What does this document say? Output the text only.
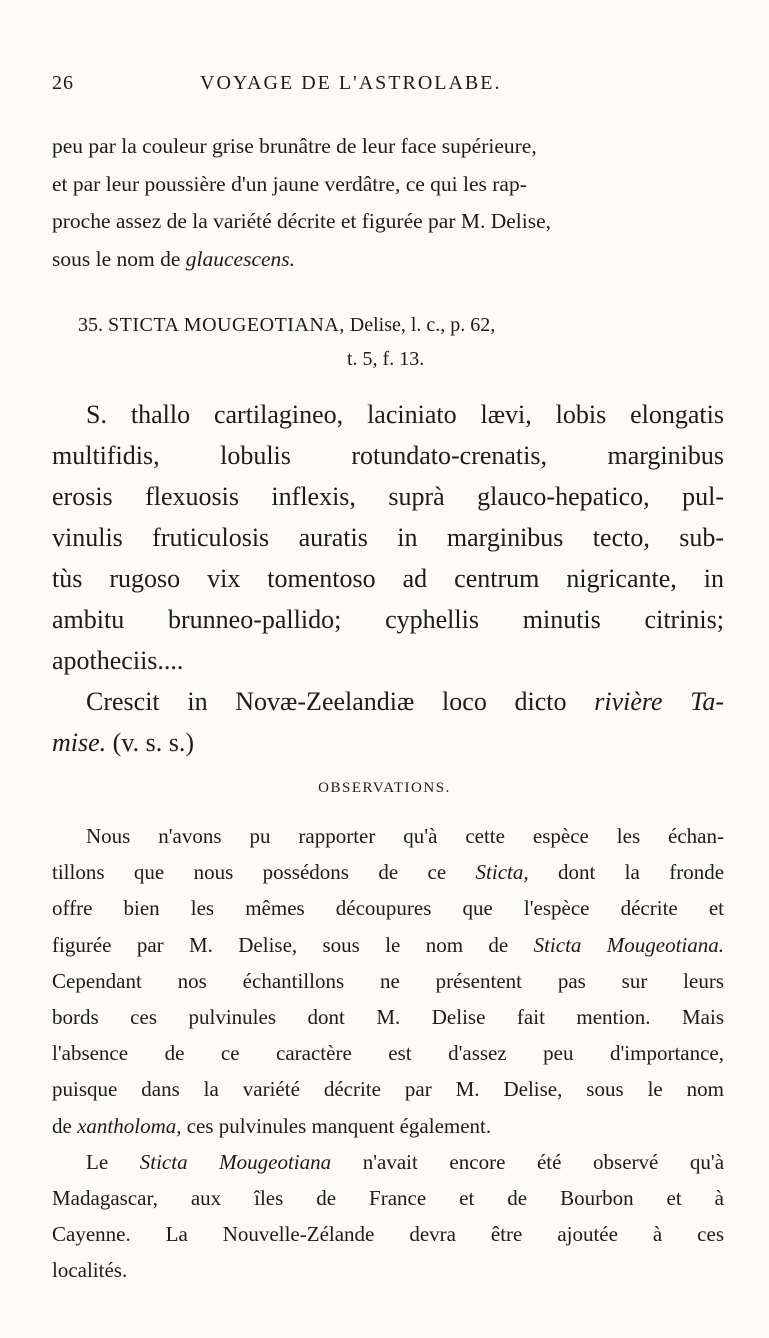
26	VOYAGE DE L'ASTROLABE.
peu par la couleur grise brunâtre de leur face supérieure,
et par leur poussière d'un jaune verdâtre, ce qui les rap-
proche assez de la variété décrite et figurée par M. Delise,
sous le nom de glaucescens.
35. STICTA MOUGEOTIANA, Delise, l. c., p. 62,
t. 5, f. 13.
S. thallo cartilagineo, laciniato lævi, lobis elongatis
multifidis, lobulis rotundato-crenatis, marginibus
erosis flexuosis inflexis, suprà glauco-hepatico, pul-
vinulis fruticulosis auratis in marginibus tecto, sub-
tùs rugoso vix tomentoso ad centrum nigricante, in
ambitu brunneo-pallido; cyphellis minutis citrinis;
apotheciis....
Crescit in Novæ-Zeelandiæ loco dicto rivière Ta-
mise. (v. s. s.)
OBSERVATIONS.
Nous n'avons pu rapporter qu'à cette espèce les échan-
tillons que nous possédons de ce Sticta, dont la fronde
offre bien les mêmes découpures que l'espèce décrite et
figurée par M. Delise, sous le nom de Sticta Mougeotiana.
Cependant nos échantillons ne présentent pas sur leurs
bords ces pulvinules dont M. Delise fait mention. Mais
l'absence de ce caractère est d'assez peu d'importance,
puisque dans la variété décrite par M. Delise, sous le nom
de xantholoma, ces pulvinules manquent également.
Le Sticta Mougeotiana n'avait encore été observé qu'à
Madagascar, aux îles de France et de Bourbon et à
Cayenne. La Nouvelle-Zélande devra être ajoutée à ces
localités.
